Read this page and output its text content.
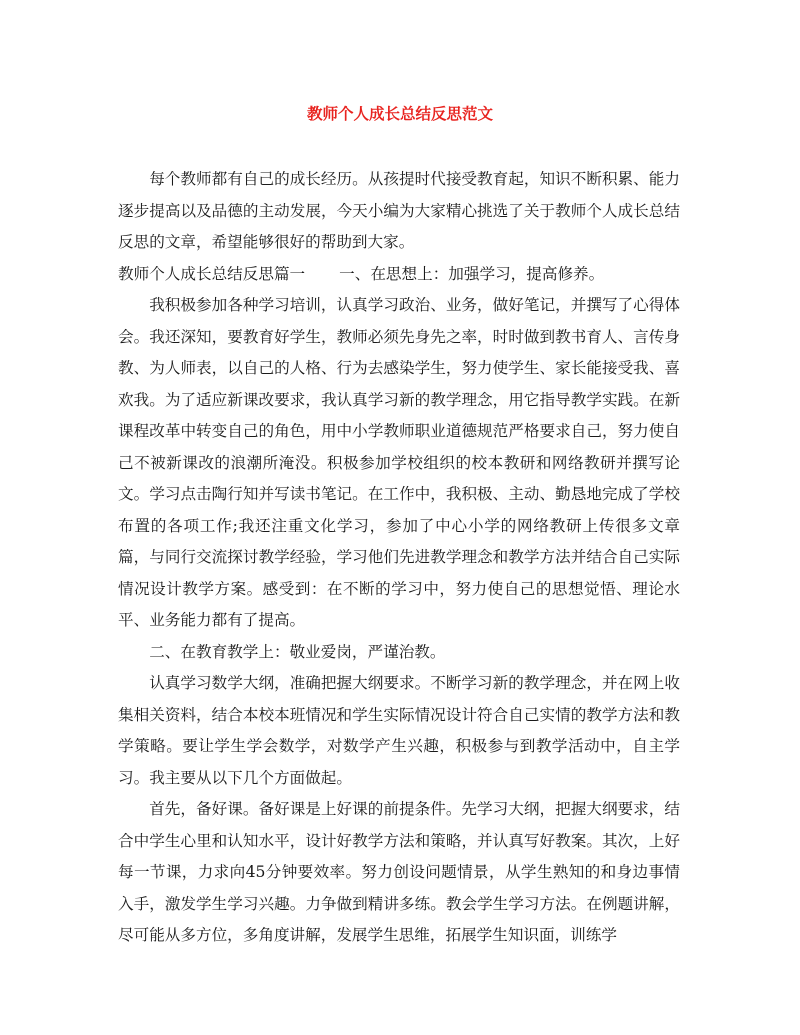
教师个人成长总结反思范文

每个教师都有自己的成长经历。从孩提时代接受教育起，知识不断积累、能力逐步提高以及品德的主动发展，今天小编为大家精心挑选了关于教师个人成长总结反思的文章，希望能够很好的帮助到大家。

教师个人成长总结反思篇一 一、在思想上：加强学习，提高修养。

我积极参加各种学习培训，认真学习政治、业务，做好笔记，并撰写了心得体会。我还深知，要教育好学生，教师必须先身先之率，时时做到教书育人、言传身教、为人师表，以自己的人格、行为去感染学生，努力使学生、家长能接受我、喜欢我。为了适应新课改要求，我认真学习新的教学理念，用它指导教学实践。在新课程改革中转变自己的角色，用中小学教师职业道德规范严格要求自己，努力使自己不被新课改的浪潮所淹没。积极参加学校组织的校本教研和网络教研并撰写论文。学习点击陶行知并写读书笔记。在工作中，我积极、主动、勤恳地完成了学校布置的各项工作;我还注重文化学习，参加了中心小学的网络教研上传很多文章篇，与同行交流探讨教学经验，学习他们先进教学理念和教学方法并结合自己实际情况设计教学方案。感受到：在不断的学习中，努力使自己的思想觉悟、理论水平、业务能力都有了提高。

二、在教育教学上：敬业爱岗，严谨治教。

认真学习数学大纲，准确把握大纲要求。不断学习新的教学理念，并在网上收集相关资料，结合本校本班情况和学生实际情况设计符合自己实情的教学方法和教学策略。要让学生学会数学，对数学产生兴趣，积极参与到教学活动中，自主学习。我主要从以下几个方面做起。

首先，备好课。备好课是上好课的前提条件。先学习大纲，把握大纲要求，结合中学生心里和认知水平，设计好教学方法和策略，并认真写好教案。其次，上好每一节课，力求向45分钟要效率。努力创设问题情景，从学生熟知的和身边事情入手，激发学生学习兴趣。力争做到精讲多练。教会学生学习方法。在例题讲解，尽可能从多方位，多角度讲解，发展学生思维，拓展学生知识面，训练学
